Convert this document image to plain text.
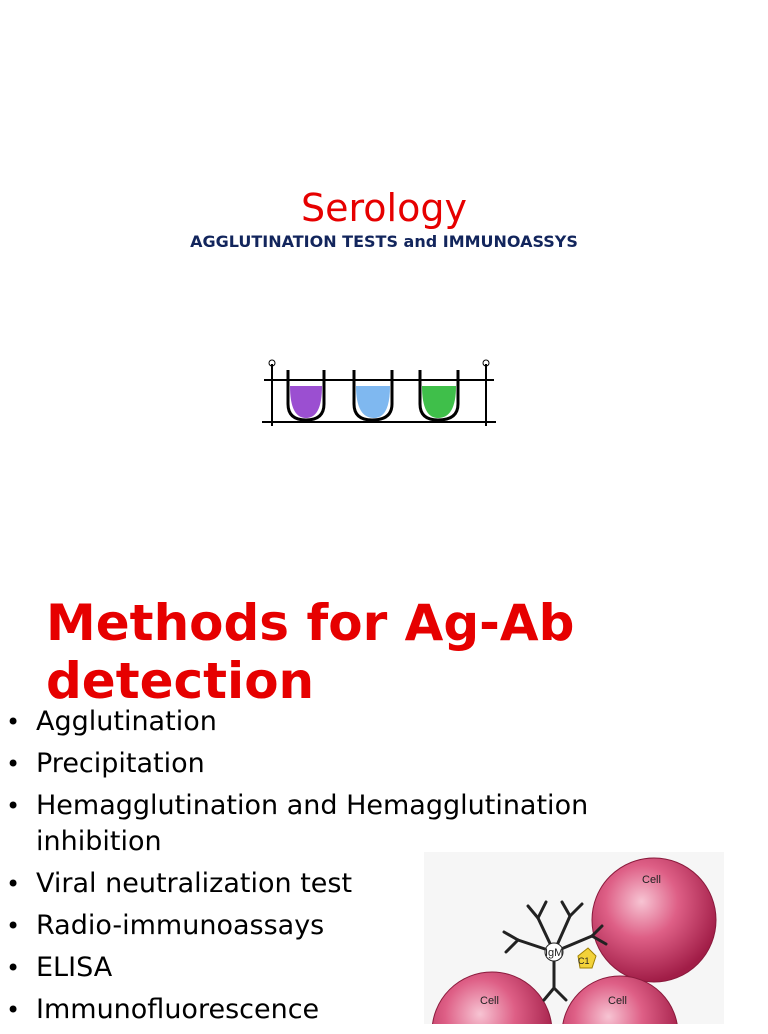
Serology
AGGLUTINATION TESTS and IMMUNOASSYS
Methods for Ag-Ab detection
• Agglutination
• Precipitation
• Hemagglutination and Hemagglutination inhibition
• Viral neutralization test
• Radio-immunoassays
• ELISA
• Immunofluorescence
Cell
Cell	Cell
IgM
C1
